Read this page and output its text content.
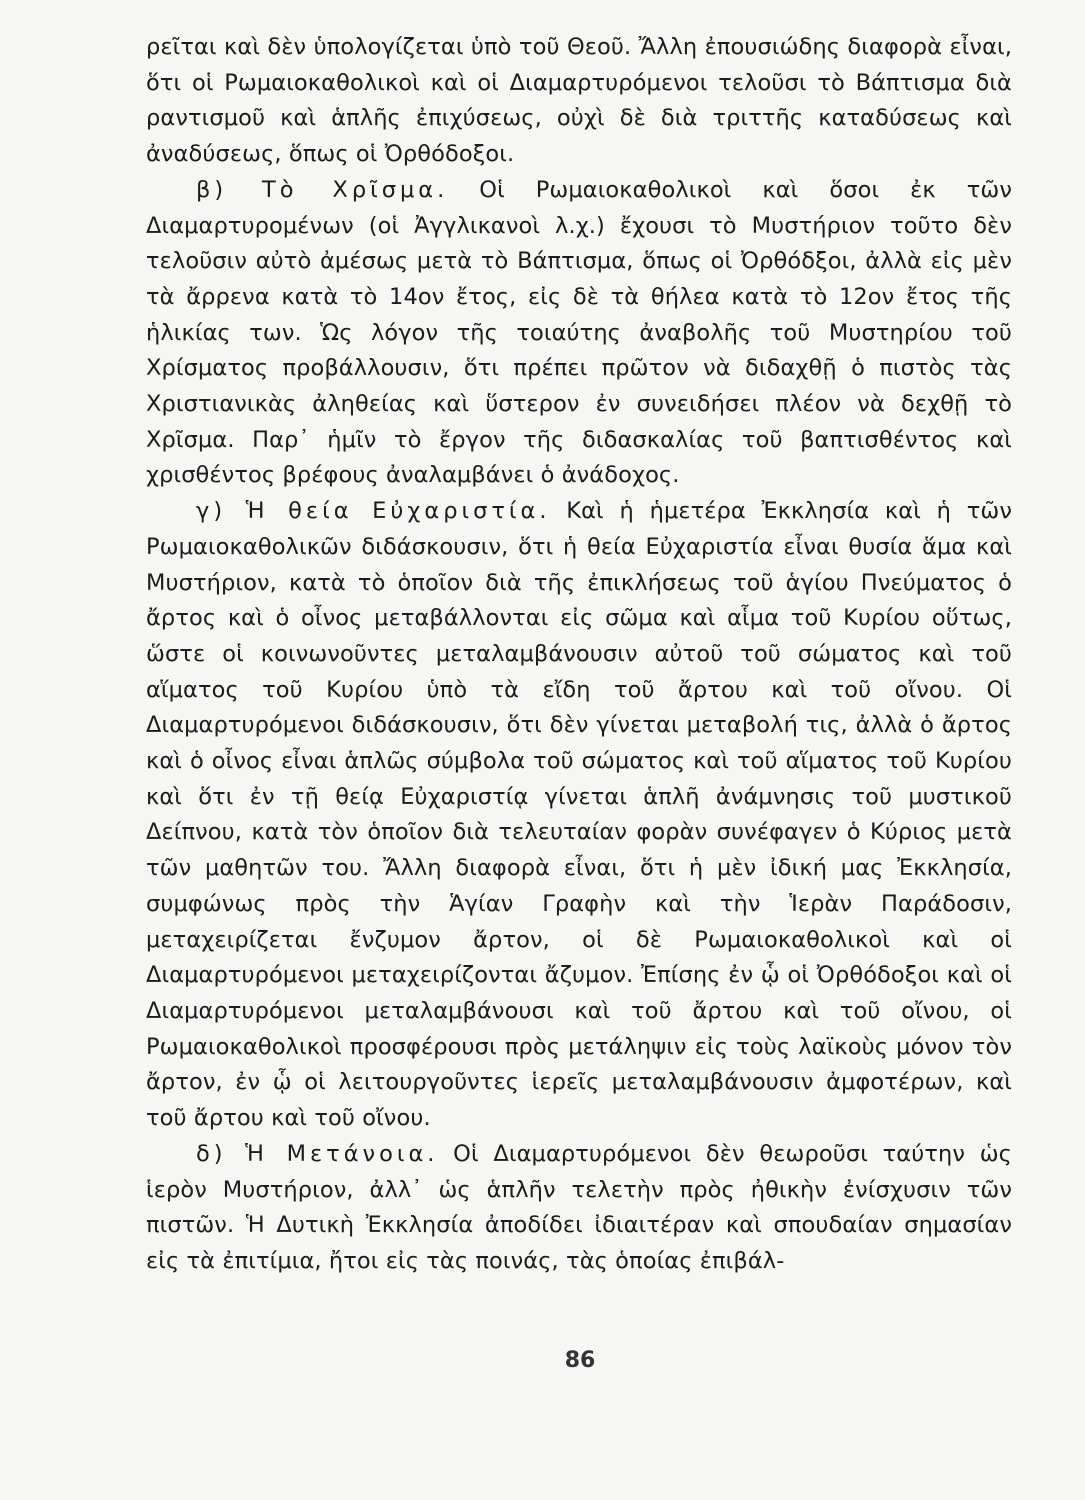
ρεῖται καὶ δὲν ὑπολογίζεται ὑπὸ τοῦ Θεοῦ. Ἄλλη ἐπουσιώδης διαφορὰ εἶναι, ὅτι οἱ Ρωμαιοκαθολικοὶ καὶ οἱ Διαμαρτυρόμενοι τελοῦσι τὸ Βάπτισμα διὰ ραντισμοῦ καὶ ἁπλῆς ἐπιχύσεως, οὐχὶ δὲ διὰ τριττῆς καταδύσεως καὶ ἀναδύσεως, ὅπως οἱ Ὀρθόδοξοι.

β) Τὸ Χρῖσμα. Οἱ Ρωμαιοκαθολικοὶ καὶ ὅσοι ἐκ τῶν Διαμαρτυρομένων (οἱ Ἀγγλικανοὶ λ.χ.) ἔχουσι τὸ Μυστήριον τοῦτο δὲν τελοῦσιν αὐτὸ ἀμέσως μετὰ τὸ Βάπτισμα, ὅπως οἱ Ὀρθόδξοι, ἀλλὰ εἰς μὲν τὰ ἄρρενα κατὰ τὸ 14ον ἔτος, εἰς δὲ τὰ θήλεα κατὰ τὸ 12ον ἔτος τῆς ἡλικίας των. Ὡς λόγον τῆς τοιαύτης ἀναβολῆς τοῦ Μυστηρίου τοῦ Χρίσματος προβάλλουσιν, ὅτι πρέπει πρῶτον νὰ διδαχθῇ ὁ πιστὸς τὰς Χριστιανικὰς ἀληθείας καὶ ὕστερον ἐν συνειδήσει πλέον νὰ δεχθῇ τὸ Χρῖσμα. Παρ᾽ ἡμῖν τὸ ἔργον τῆς διδασκαλίας τοῦ βαπτισθέντος καὶ χρισθέντος βρέφους ἀναλαμβάνει ὁ ἀνάδοχος.

γ) Ἡ θεία Εὐχαριστία. Καὶ ἡ ἡμετέρα Ἐκκλησία καὶ ἡ τῶν Ρωμαιοκαθολικῶν διδάσκουσιν, ὅτι ἡ θεία Εὐχαριστία εἶναι θυσία ἅμα καὶ Μυστήριον, κατὰ τὸ ὁποῖον διὰ τῆς ἐπικλήσεως τοῦ ἁγίου Πνεύματος ὁ ἄρτος καὶ ὁ οἶνος μεταβάλλονται εἰς σῶμα καὶ αἷμα τοῦ Κυρίου οὕτως, ὥστε οἱ κοινωνοῦντες μεταλαμβάνουσιν αὐτοῦ τοῦ σώματος καὶ τοῦ αἵματος τοῦ Κυρίου ὑπὸ τὰ εἴδη τοῦ ἄρτου καὶ τοῦ οἴνου. Οἱ Διαμαρτυρόμενοι διδάσκουσιν, ὅτι δὲν γίνεται μεταβολή τις, ἀλλὰ ὁ ἄρτος καὶ ὁ οἶνος εἶναι ἁπλῶς σύμβολα τοῦ σώματος καὶ τοῦ αἵματος τοῦ Κυρίου καὶ ὅτι ἐν τῇ θείᾳ Εὐχαριστίᾳ γίνεται ἁπλῆ ἀνάμνησις τοῦ μυστικοῦ Δείπνου, κατὰ τὸν ὁποῖον διὰ τελευταίαν φορὰν συνέφαγεν ὁ Κύριος μετὰ τῶν μαθητῶν του. Ἄλλη διαφορὰ εἶναι, ὅτι ἡ μὲν ἰδική μας Ἐκκλησία, συμφώνως πρὸς τὴν Ἁγίαν Γραφὴν καὶ τὴν Ἱερὰν Παράδοσιν, μεταχειρίζεται ἔνζυμον ἄρτον, οἱ δὲ Ρωμαιοκαθολικοὶ καὶ οἱ Διαμαρτυρόμενοι μεταχειρίζονται ἄζυμον. Ἐπίσης ἐν ᾧ οἱ Ὀρθόδοξοι καὶ οἱ Διαμαρτυρόμενοι μεταλαμβάνουσι καὶ τοῦ ἄρτου καὶ τοῦ οἴνου, οἱ Ρωμαιοκαθολικοὶ προσφέρουσι πρὸς μετάληψιν εἰς τοὺς λαϊκοὺς μόνον τὸν ἄρτον, ἐν ᾧ οἱ λειτουργοῦντες ἱερεῖς μεταλαμβάνουσιν ἀμφοτέρων, καὶ τοῦ ἄρτου καὶ τοῦ οἴνου.

δ) Ἡ Μετάνοια. Οἱ Διαμαρτυρόμενοι δὲν θεωροῦσι ταύτην ὡς ἱερὸν Μυστήριον, ἀλλ᾽ ὡς ἁπλῆν τελετὴν πρὸς ἠθικὴν ἐνίσχυσιν τῶν πιστῶν. Ἡ Δυτικὴ Ἐκκλησία ἀποδίδει ἰδιαιτέραν καὶ σπουδαίαν σημασίαν εἰς τὰ ἐπιτίμια, ἤτοι εἰς τὰς ποινάς, τὰς ὁποίας ἐπιβάλ-

86
